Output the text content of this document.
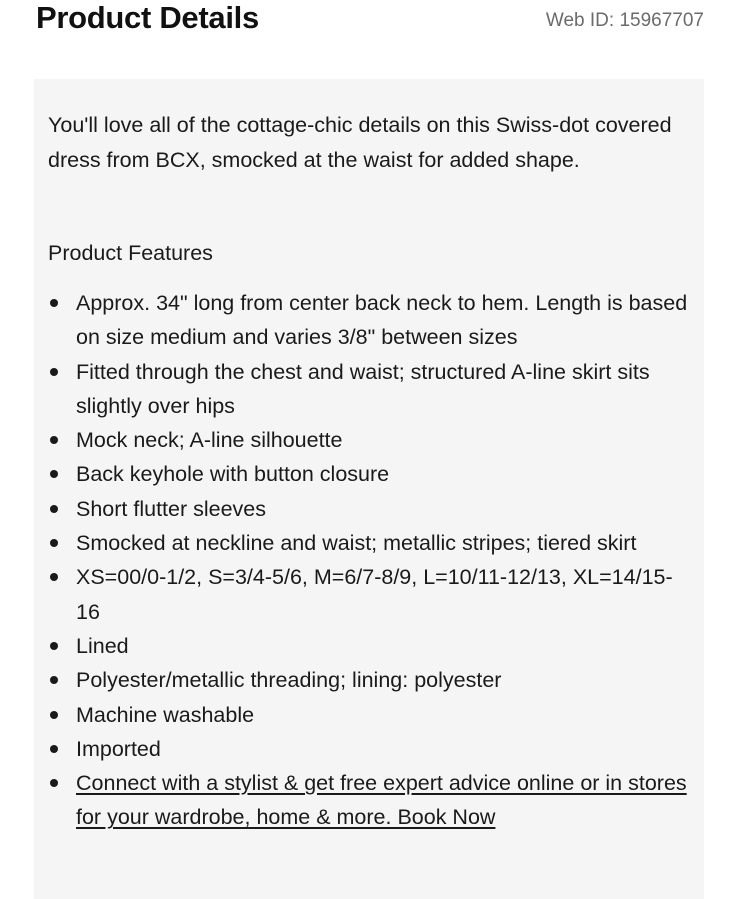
Product Details	Web ID: 15967707

You'll love all of the cottage-chic details on this Swiss-dot covered dress from BCX, smocked at the waist for added shape.

Product Features
Approx. 34" long from center back neck to hem. Length is based on size medium and varies 3/8" between sizes
Fitted through the chest and waist; structured A-line skirt sits slightly over hips
Mock neck; A-line silhouette
Back keyhole with button closure
Short flutter sleeves
Smocked at neckline and waist; metallic stripes; tiered skirt
XS=00/0-1/2, S=3/4-5/6, M=6/7-8/9, L=10/11-12/13, XL=14/15-16
Lined
Polyester/metallic threading; lining: polyester
Machine washable
Imported
Connect with a stylist & get free expert advice online or in stores for your wardrobe, home & more. Book Now
